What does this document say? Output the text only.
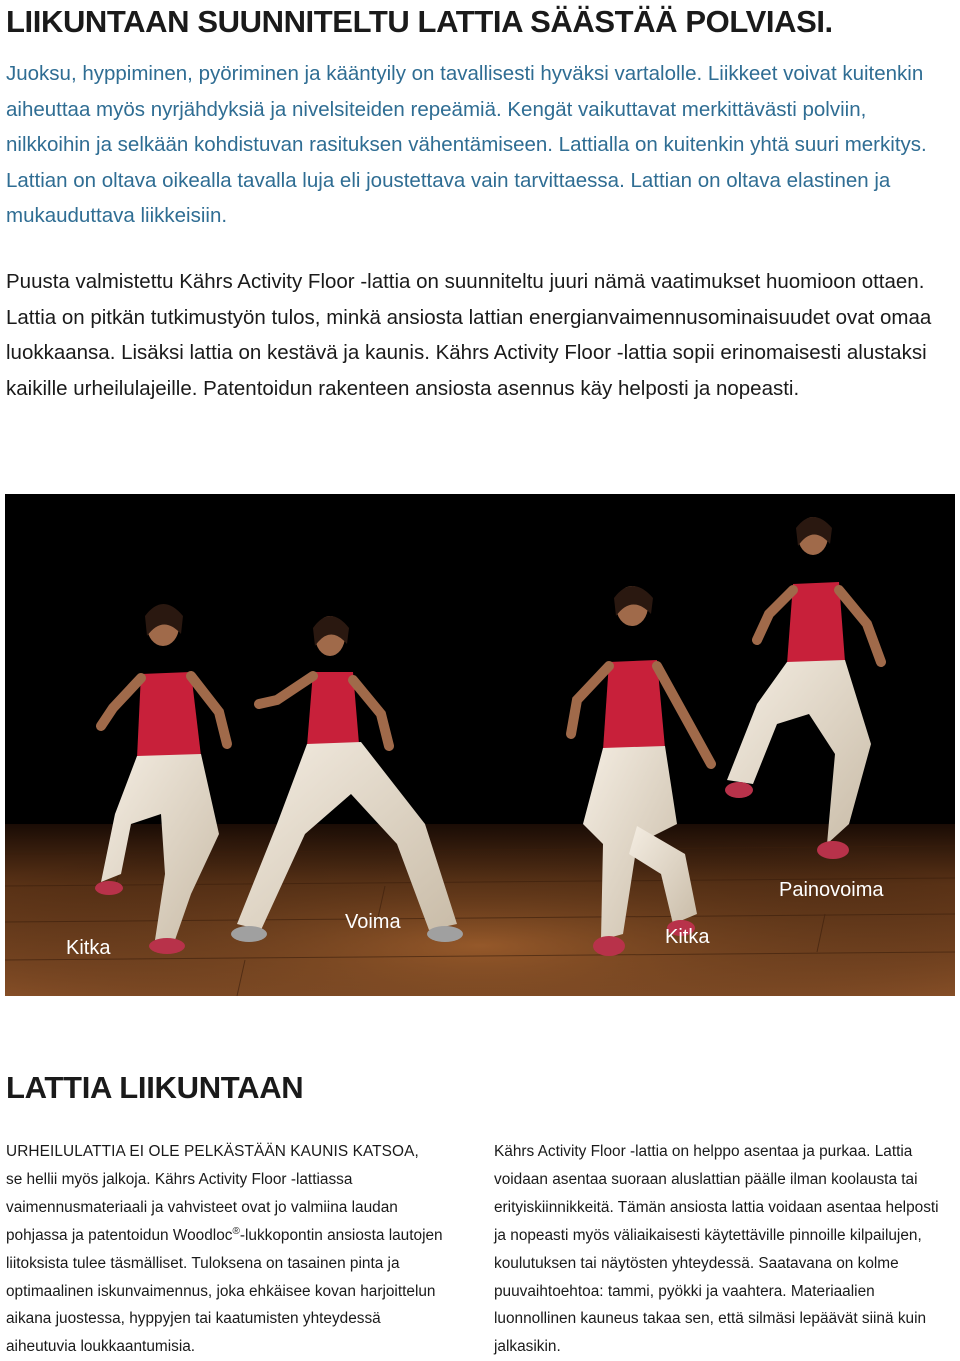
LIIKUNTAAN SUUNNITELTU LATTIA SÄÄSTÄÄ POLVIASI.

Juoksu, hyppiminen, pyöriminen ja kääntyily on tavallisesti hyväksi vartalolle. Liikkeet voivat kuitenkin aiheuttaa myös nyrjähdyksiä ja nivelsiteiden repeämiä. Kengät vaikuttavat merkittävästi polviin, nilkkoihin ja selkään kohdistuvan rasituksen vähentämiseen. Lattialla on kuitenkin yhtä suuri merkitys. Lattian on oltava oikealla tavalla luja eli joustettava vain tarvittaessa. Lattian on oltava elastinen ja mukauduttava liikkeisiin.

Puusta valmistettu Kährs Activity Floor -lattia on suunniteltu juuri nämä vaatimukset huomioon ottaen. Lattia on pitkän tutkimustyön tulos, minkä ansiosta lattian energianvaimennusominaisuudet ovat omaa luokkaansa. Lisäksi lattia on kestävä ja kaunis. Kährs Activity Floor -lattia sopii erinomaisesti alustaksi kaikille urheilulajeille. Patentoidun rakenteen ansiosta asennus käy helposti ja nopeasti.

Kitka
Voima
Kitka
Painovoima
LATTIA LIIKUNTAAN

URHEILULATTIA EI OLE PELKÄSTÄÄN KAUNIS KATSOA,
se hellii myös jalkoja. Kährs Activity Floor -lattiassa vaimennusmateriaali ja vahvisteet ovat jo valmiina laudan pohjassa ja patentoidun Woodloc®-lukkopontin ansiosta lautojen liitoksista tulee täsmälliset. Tuloksena on tasainen pinta ja optimaalinen iskunvaimennus, joka ehkäisee kovan harjoittelun aikana juostessa, hyppyjen tai kaatumisten yhteydessä aiheutuvia loukkaantumisia.

Kährs Activity Floor -lattia on helppo asentaa ja purkaa. Lattia voidaan asentaa suoraan aluslattian päälle ilman koolausta tai erityiskiinnikkeitä. Tämän ansiosta lattia voidaan asentaa helposti ja nopeasti myös väliaikaisesti käytettäville pinnoille kilpailujen, koulutuksen tai näytösten yhteydessä. Saatavana on kolme puuvaihtoehtoa: tammi, pyökki ja vaahtera. Materiaalien luonnollinen kauneus takaa sen, että silmäsi lepäävät siinä kuin jalkasikin.
